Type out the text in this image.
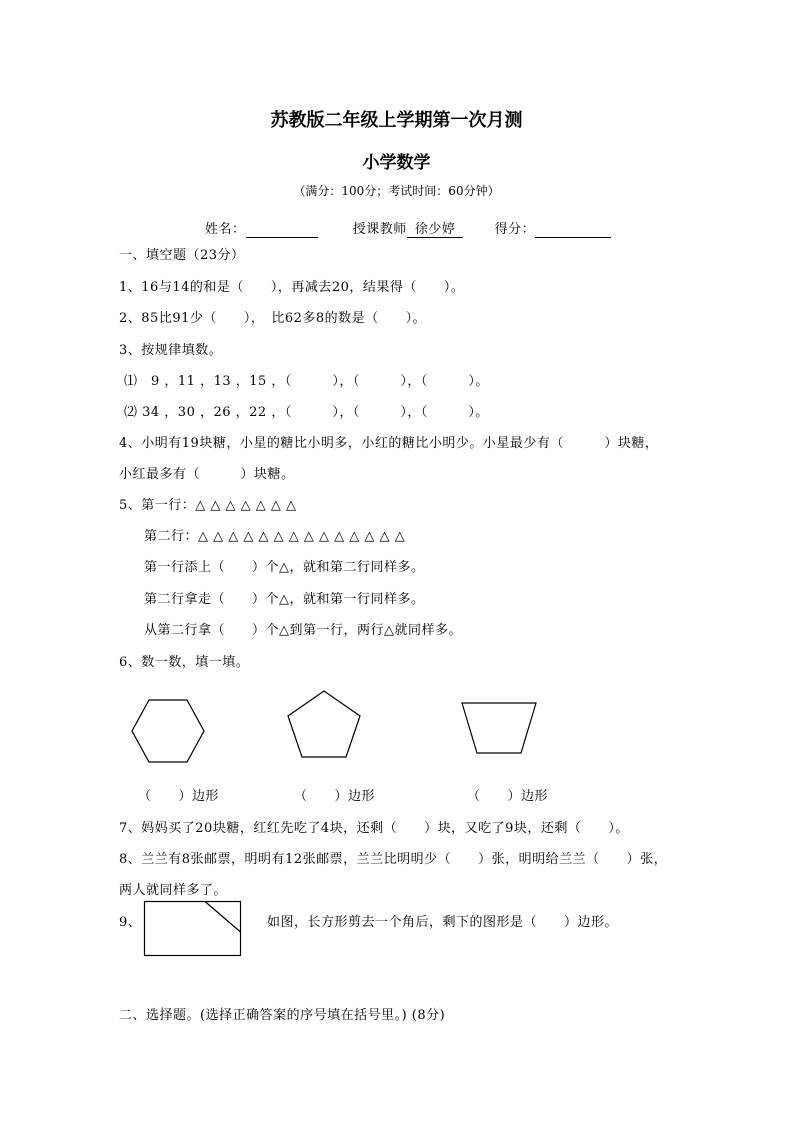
苏教版二年级上学期第一次月测
小学数学
（满分：100分；考试时间：60分钟）
姓名：	授课教师 徐少婷	得分：
一、填空题（23分）
1、16与14的和是（　　），再减去20，结果得（　　）。
2、85比91少（　　），　比62多8的数是（　　）。
3、按规律填数。
⑴　9 ，11 ，13 ，15 ，（　　　），（　　　），（　　　）。
⑵ 34 ，30 ，26 ，22 ，（　　　），（　　　），（　　　）。
4、小明有19块糖，小星的糖比小明多，小红的糖比小明少。小星最少有（　　　）块糖，
小红最多有（　　　）块糖。
5、第一行：△ △ △ △ △ △ △
第二行：△ △ △ △ △ △ △ △ △ △ △ △ △ △
第一行添上（　　）个△，就和第二行同样多。
第二行拿走（　　）个△，就和第一行同样多。
从第二行拿（　　）个△到第一行，两行△就同样多。
6、数一数，填一填。
（　　）边形	（　　）边形	（　　）边形
7、妈妈买了20块糖，红红先吃了4块，还剩（　　）块，又吃了9块，还剩（　　）。
8、兰兰有8张邮票，明明有12张邮票，兰兰比明明少（　　）张，明明给兰兰（　　）张，
两人就同样多了。
9、	如图，长方形剪去一个角后，剩下的图形是（　　）边形。
二、选择题。(选择正确答案的序号填在括号里。) (8分)
